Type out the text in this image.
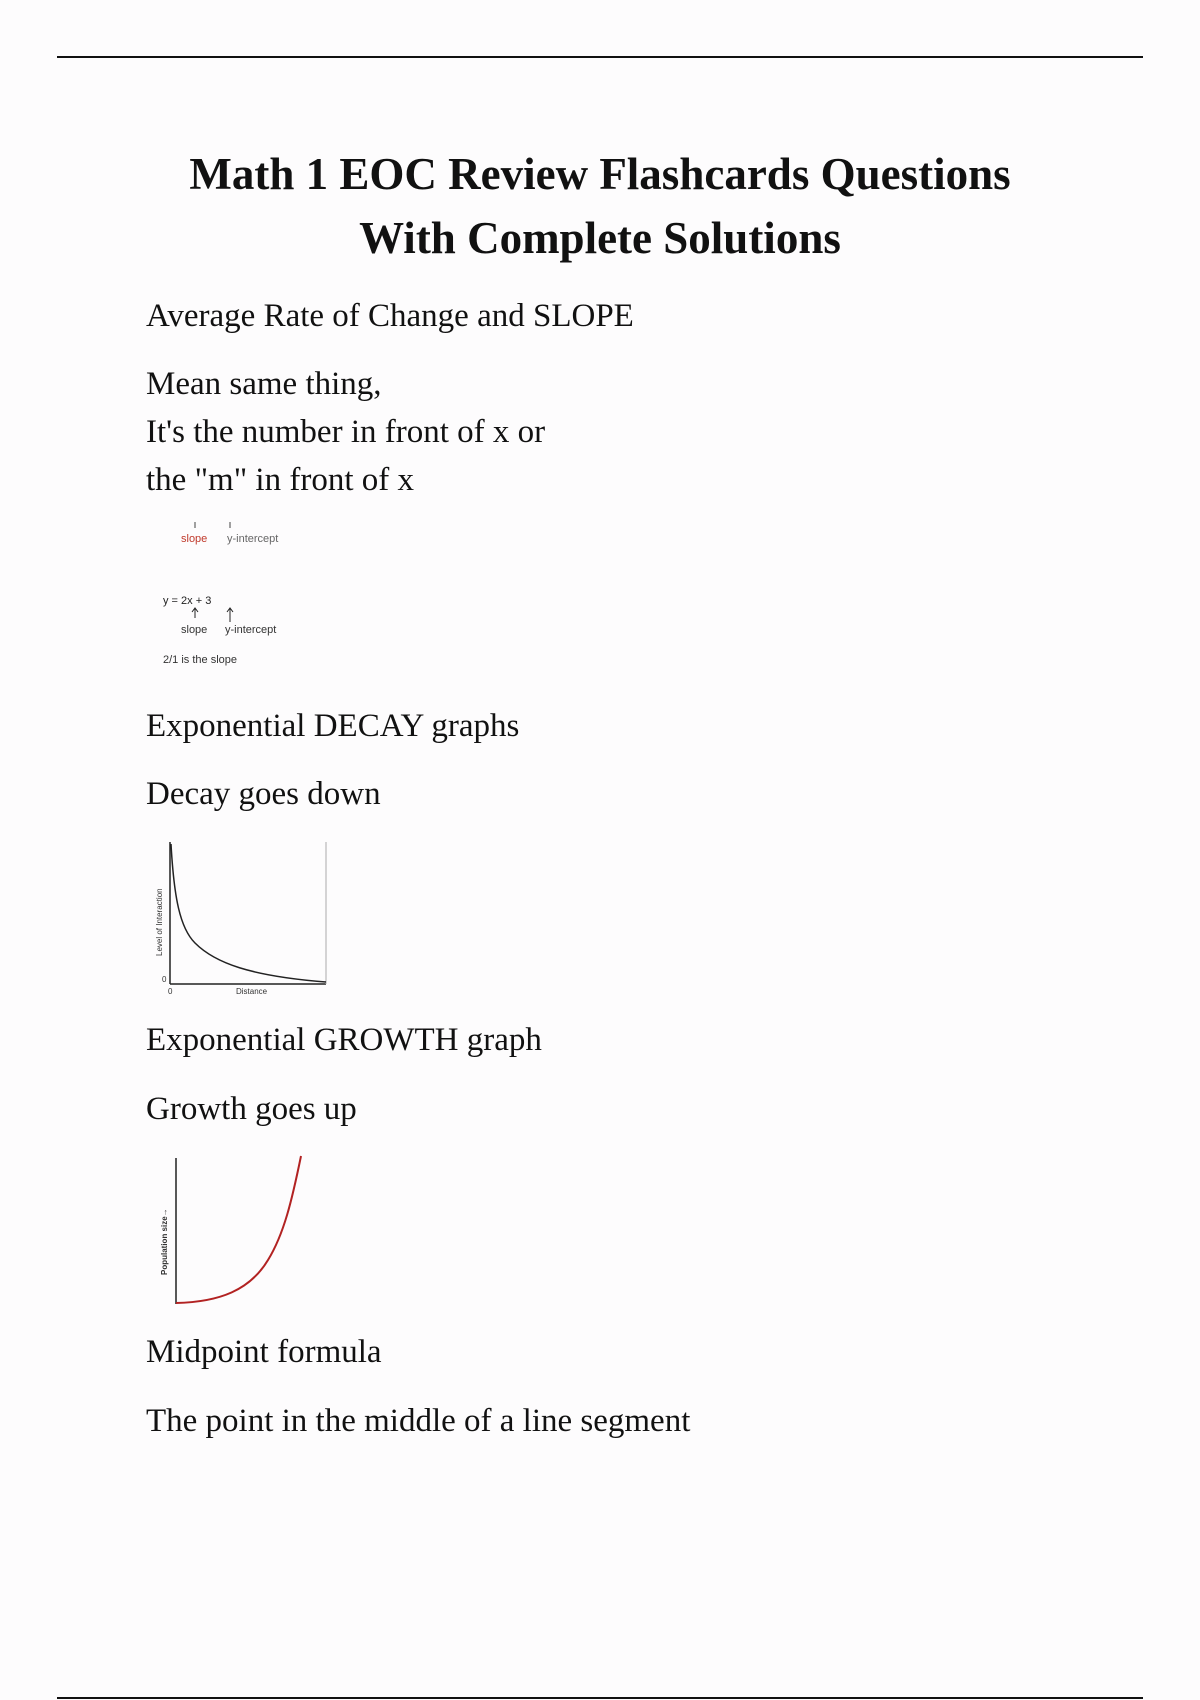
Math 1 EOC Review Flashcards Questions
With Complete Solutions
Average Rate of Change and SLOPE
Mean same thing,
It's the number in front of x or
the "m" in front of x
slope y-intercept
y = 2x + 3
slope y-intercept
2/1 is the slope
Exponential DECAY graphs
Decay goes down
Level of Interaction
Distance
0
0
Exponential GROWTH graph
Growth goes up
Population size→
Midpoint formula
The point in the middle of a line segment
